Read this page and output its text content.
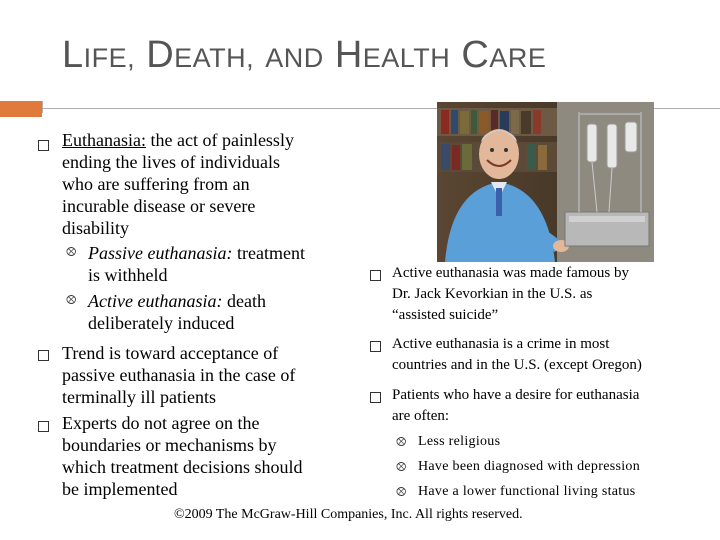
LIFE, DEATH, AND HEALTH CARE
Euthanasia: the act of painlessly
ending the lives of individuals
who are suffering from an
incurable disease or severe
disability
⮾ Passive euthanasia: treatment
is withheld
⮾ Active euthanasia: death
deliberately induced
Trend is toward acceptance of
passive euthanasia in the case of
terminally ill patients
Experts do not agree on the
boundaries or mechanisms by
which treatment decisions should
be implemented
Active euthanasia was made famous by
Dr. Jack Kevorkian in the U.S. as
“assisted suicide”
Active euthanasia is a crime in most
countries and in the U.S. (except Oregon)
Patients who have a desire for euthanasia
are often:
⮾ Less religious
⮾ Have been diagnosed with depression
⮾ Have a lower functional living status
©2009 The McGraw-Hill Companies, Inc. All rights reserved.
